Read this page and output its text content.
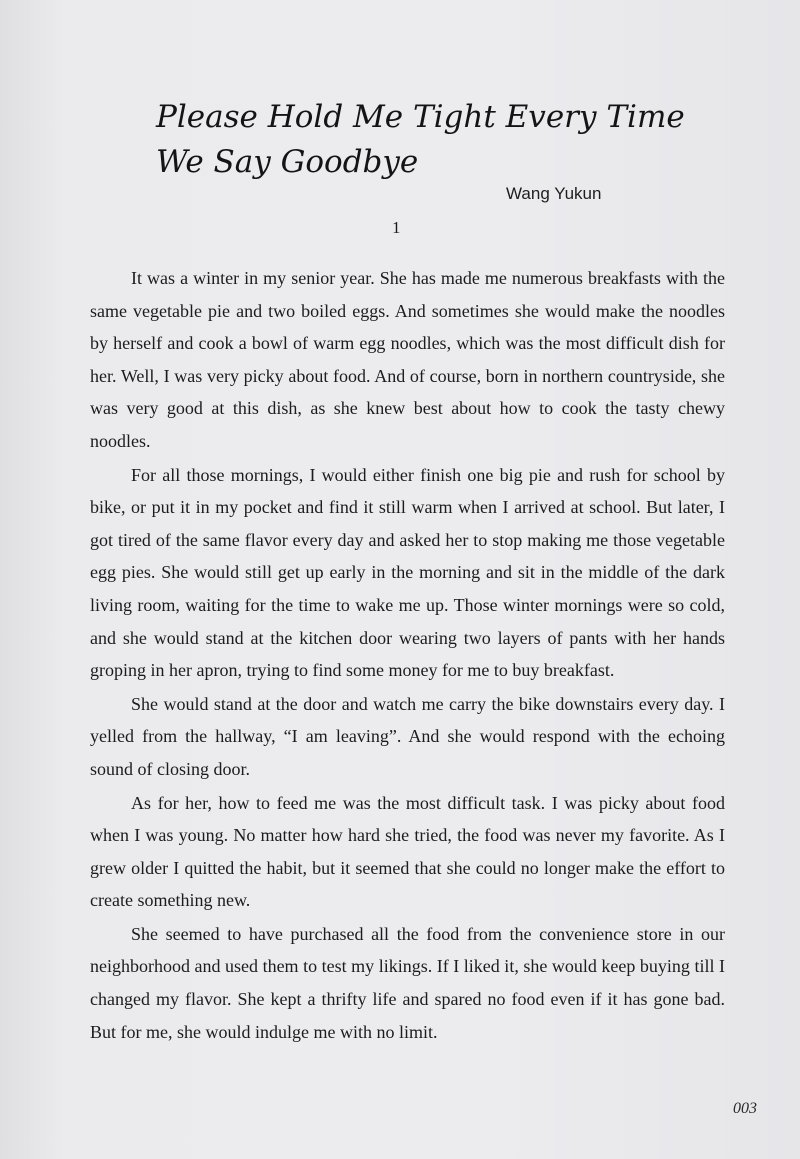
Please Hold Me Tight Every Time We Say Goodbye
Wang Yukun
1

It was a winter in my senior year. She has made me numerous breakfasts with the same vegetable pie and two boiled eggs. And sometimes she would make the noodles by herself and cook a bowl of warm egg noodles, which was the most difficult dish for her. Well, I was very picky about food. And of course, born in northern countryside, she was very good at this dish, as she knew best about how to cook the tasty chewy noodles.

For all those mornings, I would either finish one big pie and rush for school by bike, or put it in my pocket and find it still warm when I arrived at school. But later, I got tired of the same flavor every day and asked her to stop making me those vegetable egg pies. She would still get up early in the morning and sit in the middle of the dark living room, waiting for the time to wake me up. Those winter mornings were so cold, and she would stand at the kitchen door wearing two layers of pants with her hands groping in her apron, trying to find some money for me to buy breakfast.

She would stand at the door and watch me carry the bike downstairs every day. I yelled from the hallway, “I am leaving”. And she would respond with the echoing sound of closing door.

As for her, how to feed me was the most difficult task. I was picky about food when I was young. No matter how hard she tried, the food was never my favorite. As I grew older I quitted the habit, but it seemed that she could no longer make the effort to create something new.

She seemed to have purchased all the food from the convenience store in our neighborhood and used them to test my likings. If I liked it, she would keep buying till I changed my flavor. She kept a thrifty life and spared no food even if it has gone bad. But for me, she would indulge me with no limit.

003
